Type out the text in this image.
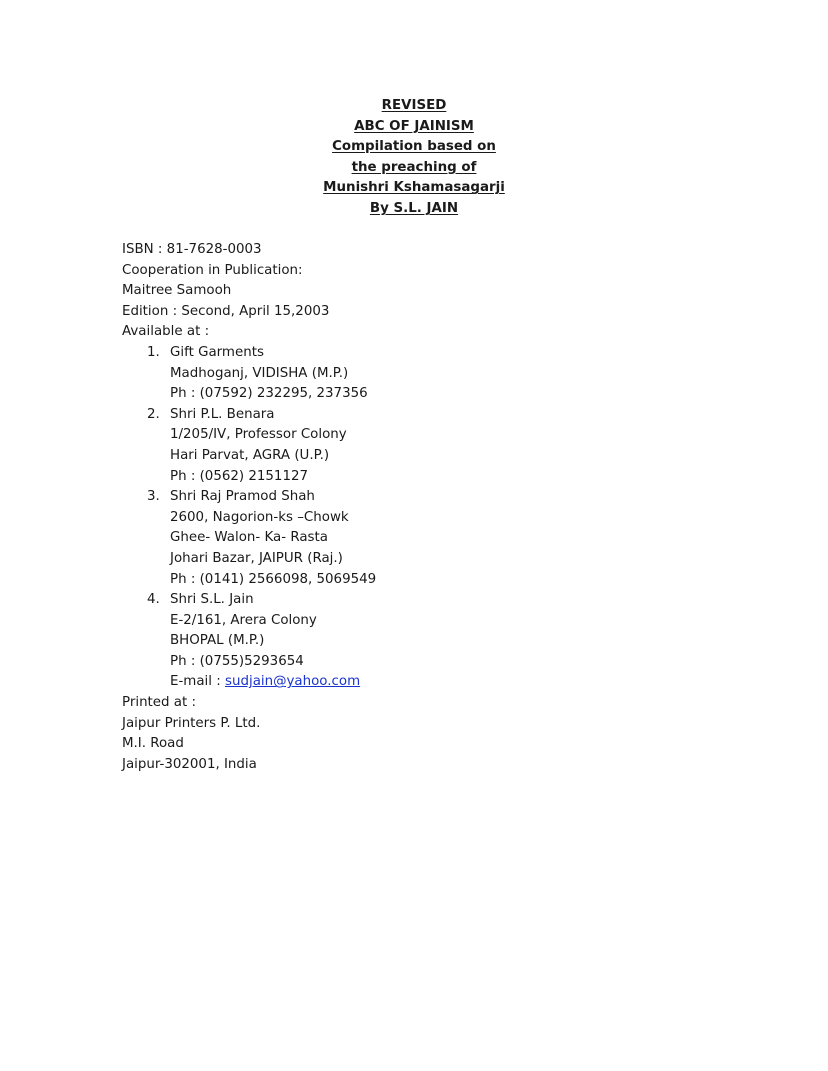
REVISED
ABC OF JAINISM
Compilation based on
the preaching of
Munishri Kshamasagarji
By S.L. JAIN
ISBN : 81-7628-0003
Cooperation in Publication:
Maitree Samooh
Edition : Second, April 15,2003
Available at :
1. Gift Garments
Madhoganj, VIDISHA (M.P.)
Ph : (07592) 232295, 237356
2. Shri P.L. Benara
1/205/IV, Professor Colony
Hari Parvat, AGRA (U.P.)
Ph : (0562) 2151127
3. Shri Raj Pramod Shah
2600, Nagorion-ks –Chowk
Ghee- Walon- Ka- Rasta
Johari Bazar, JAIPUR (Raj.)
Ph : (0141) 2566098, 5069549
4. Shri S.L. Jain
E-2/161, Arera Colony
BHOPAL (M.P.)
Ph : (0755)5293654
E-mail : sudjain@yahoo.com
Printed at :
Jaipur Printers P. Ltd.
M.I. Road
Jaipur-302001, India
